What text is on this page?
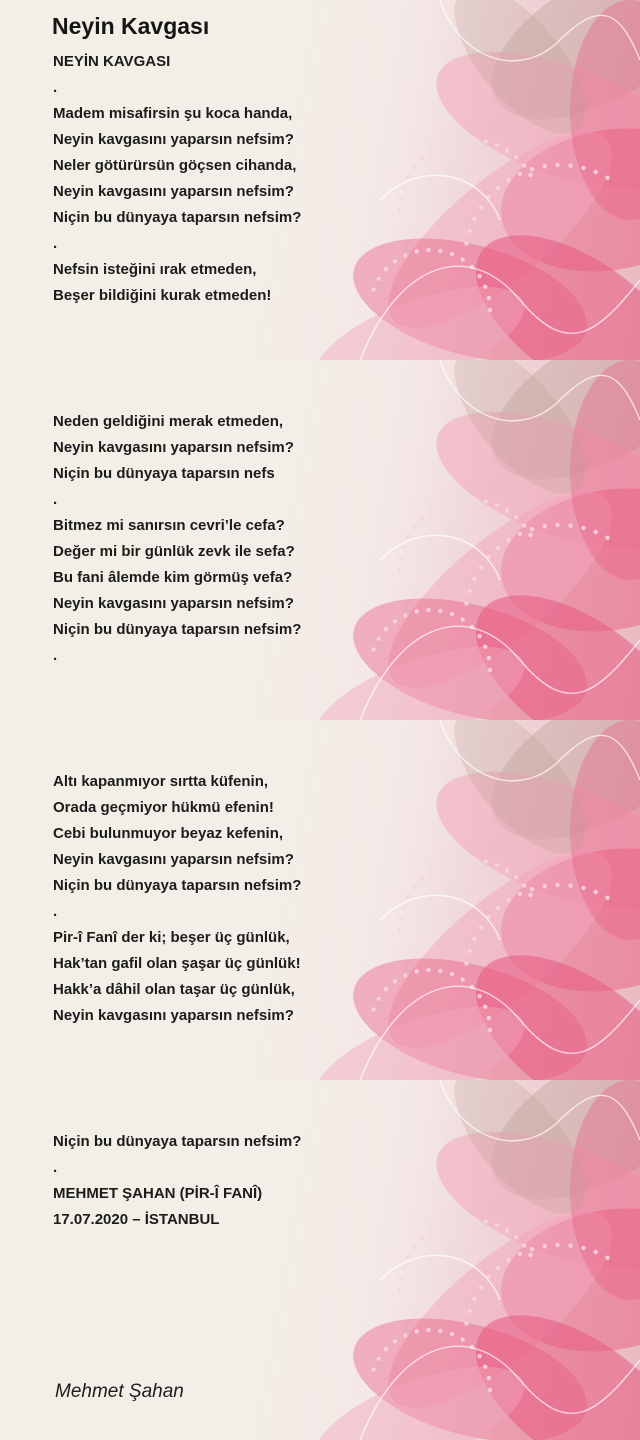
Neyin Kavgası
NEYİN KAVGASI
.
Madem misafirsin şu koca handa,
Neyin kavgasını yaparsın nefsim?
Neler götürürsün göçsen cihanda,
Neyin kavgasını yaparsın nefsim?
Niçin bu dünyaya taparsın nefsim?
.
Nefsin isteğini ırak etmeden,
Beşer bildiğini kurak etmeden!
Neden geldiğini merak etmeden,
Neyin kavgasını yaparsın nefsim?
Niçin bu dünyaya taparsın nefs
.
Bitmez mi sanırsın cevri’le cefa?
Değer mi bir günlük zevk ile sefa?
Bu fani âlemde kim görmüş vefa?
Neyin kavgasını yaparsın nefsim?
Niçin bu dünyaya taparsın nefsim?
.
Altı kapanmıyor sırtta küfenin,
Orada geçmiyor hükmü efenin!
Cebi bulunmuyor beyaz kefenin,
Neyin kavgasını yaparsın nefsim?
Niçin bu dünyaya taparsın nefsim?
.
Pir-î Fanî der ki; beşer üç günlük,
Hak’tan gafil olan şaşar üç günlük!
Hakk’a dâhil olan taşar üç günlük,
Neyin kavgasını yaparsın nefsim?
Niçin bu dünyaya taparsın nefsim?
.
MEHMET ŞAHAN (PİR-Î FANÎ)
17.07.2020 – İSTANBUL
Mehmet Şahan
